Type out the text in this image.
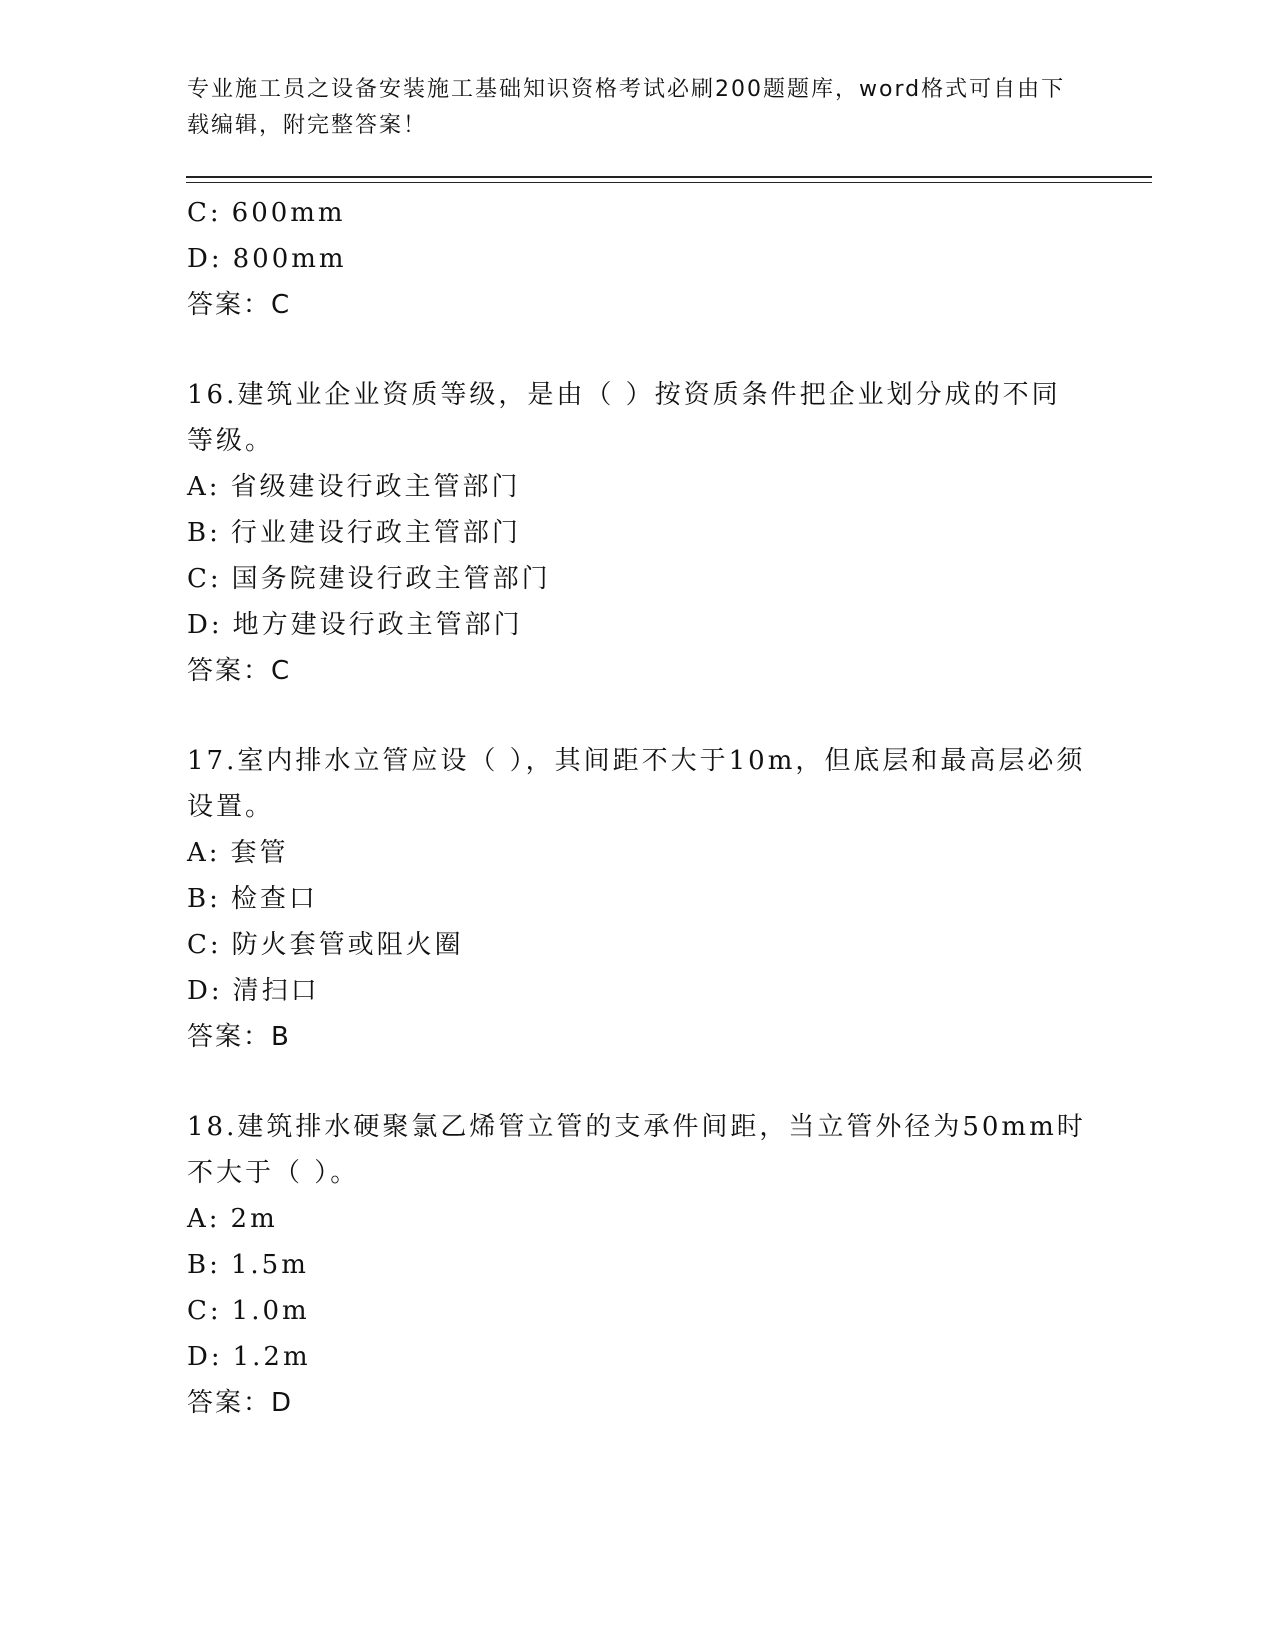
专业施工员之设备安装施工基础知识资格考试必刷200题题库，word格式可自由下载编辑，附完整答案！
C: 600mm
D: 800mm
答案：C
16.建筑业企业资质等级，是由（ ）按资质条件把企业划分成的不同
等级。
A: 省级建设行政主管部门
B: 行业建设行政主管部门
C: 国务院建设行政主管部门
D: 地方建设行政主管部门
答案：C
17.室内排水立管应设（ ），其间距不大于10m，但底层和最高层必须
设置。
A: 套管
B: 检查口
C: 防火套管或阻火圈
D: 清扫口
答案：B
18.建筑排水硬聚氯乙烯管立管的支承件间距，当立管外径为50mm时
不大于（ ）。
A: 2m
B: 1.5m
C: 1.0m
D: 1.2m
答案：D
